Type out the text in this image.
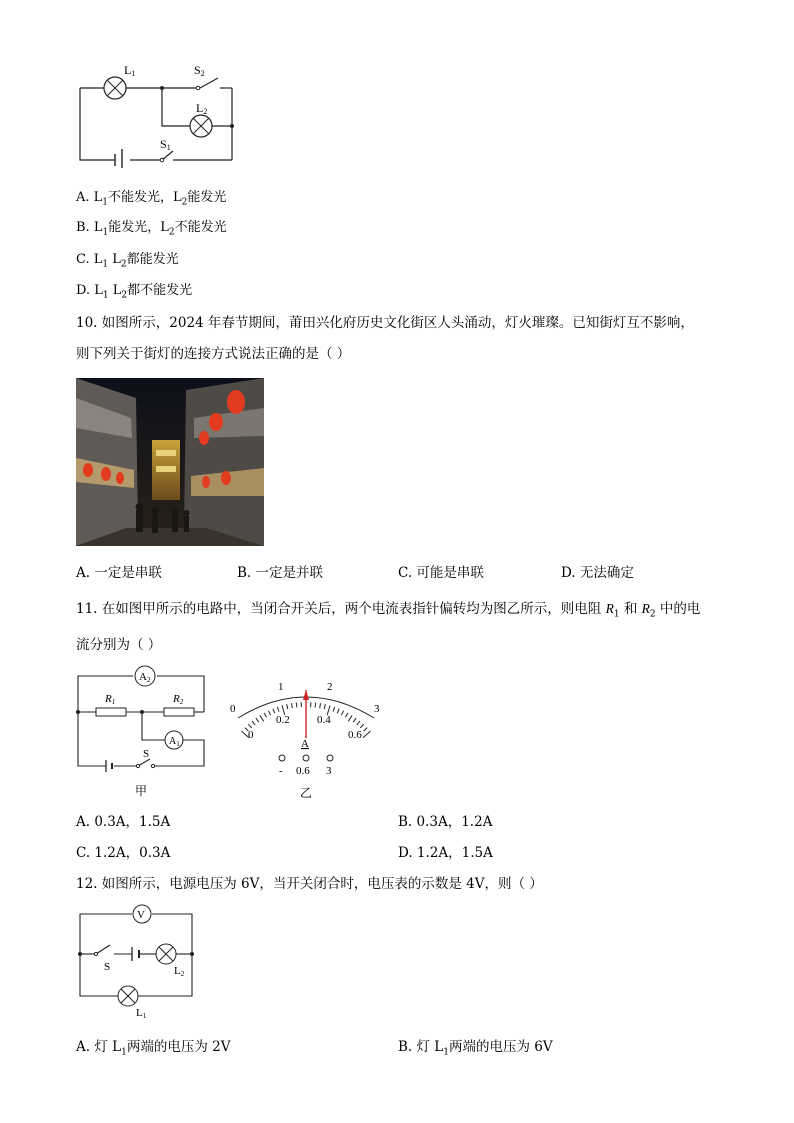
L1	S2
L2
S1
A. $L_1$不能发光，$L_2$能发光
B. $L_1$能发光，$L_2$不能发光
C. $L_1$ $L_2$都能发光
D. $L_1$ $L_2$都不能发光
10. 如图所示，2024 年春节期间，莆田兴化府历史文化街区人头涌动，灯火璀璨。已知街灯互不影响，
则下列关于街灯的连接方式说法正确的是（ ）
A. 一定是串联	B. 一定是并联	C. 可能是串联	D. 无法确定
11. 在如图甲所示的电路中，当闭合开关后，两个电流表指针偏转均为图乙所示，则电阻 $R_1$ 和 $R_2$ 中的电
流分别为（ ）
A2
$A_1$
R1	R2
S
甲
0
1	2
3
0
0.2 0.4
0.6
A
- 0.6 3
乙
A. 0.3A，1.5A	B. 0.3A，1.2A
C. 1.2A，0.3A	D. 1.2A，1.5A
12. 如图所示，电源电压为 6V，当开关闭合时，电压表的示数是 4V，则（ ）
V
S	L2
L1
A. 灯 $L_1$两端的电压为 2V	B. 灯 $L_1$两端的电压为 6V
